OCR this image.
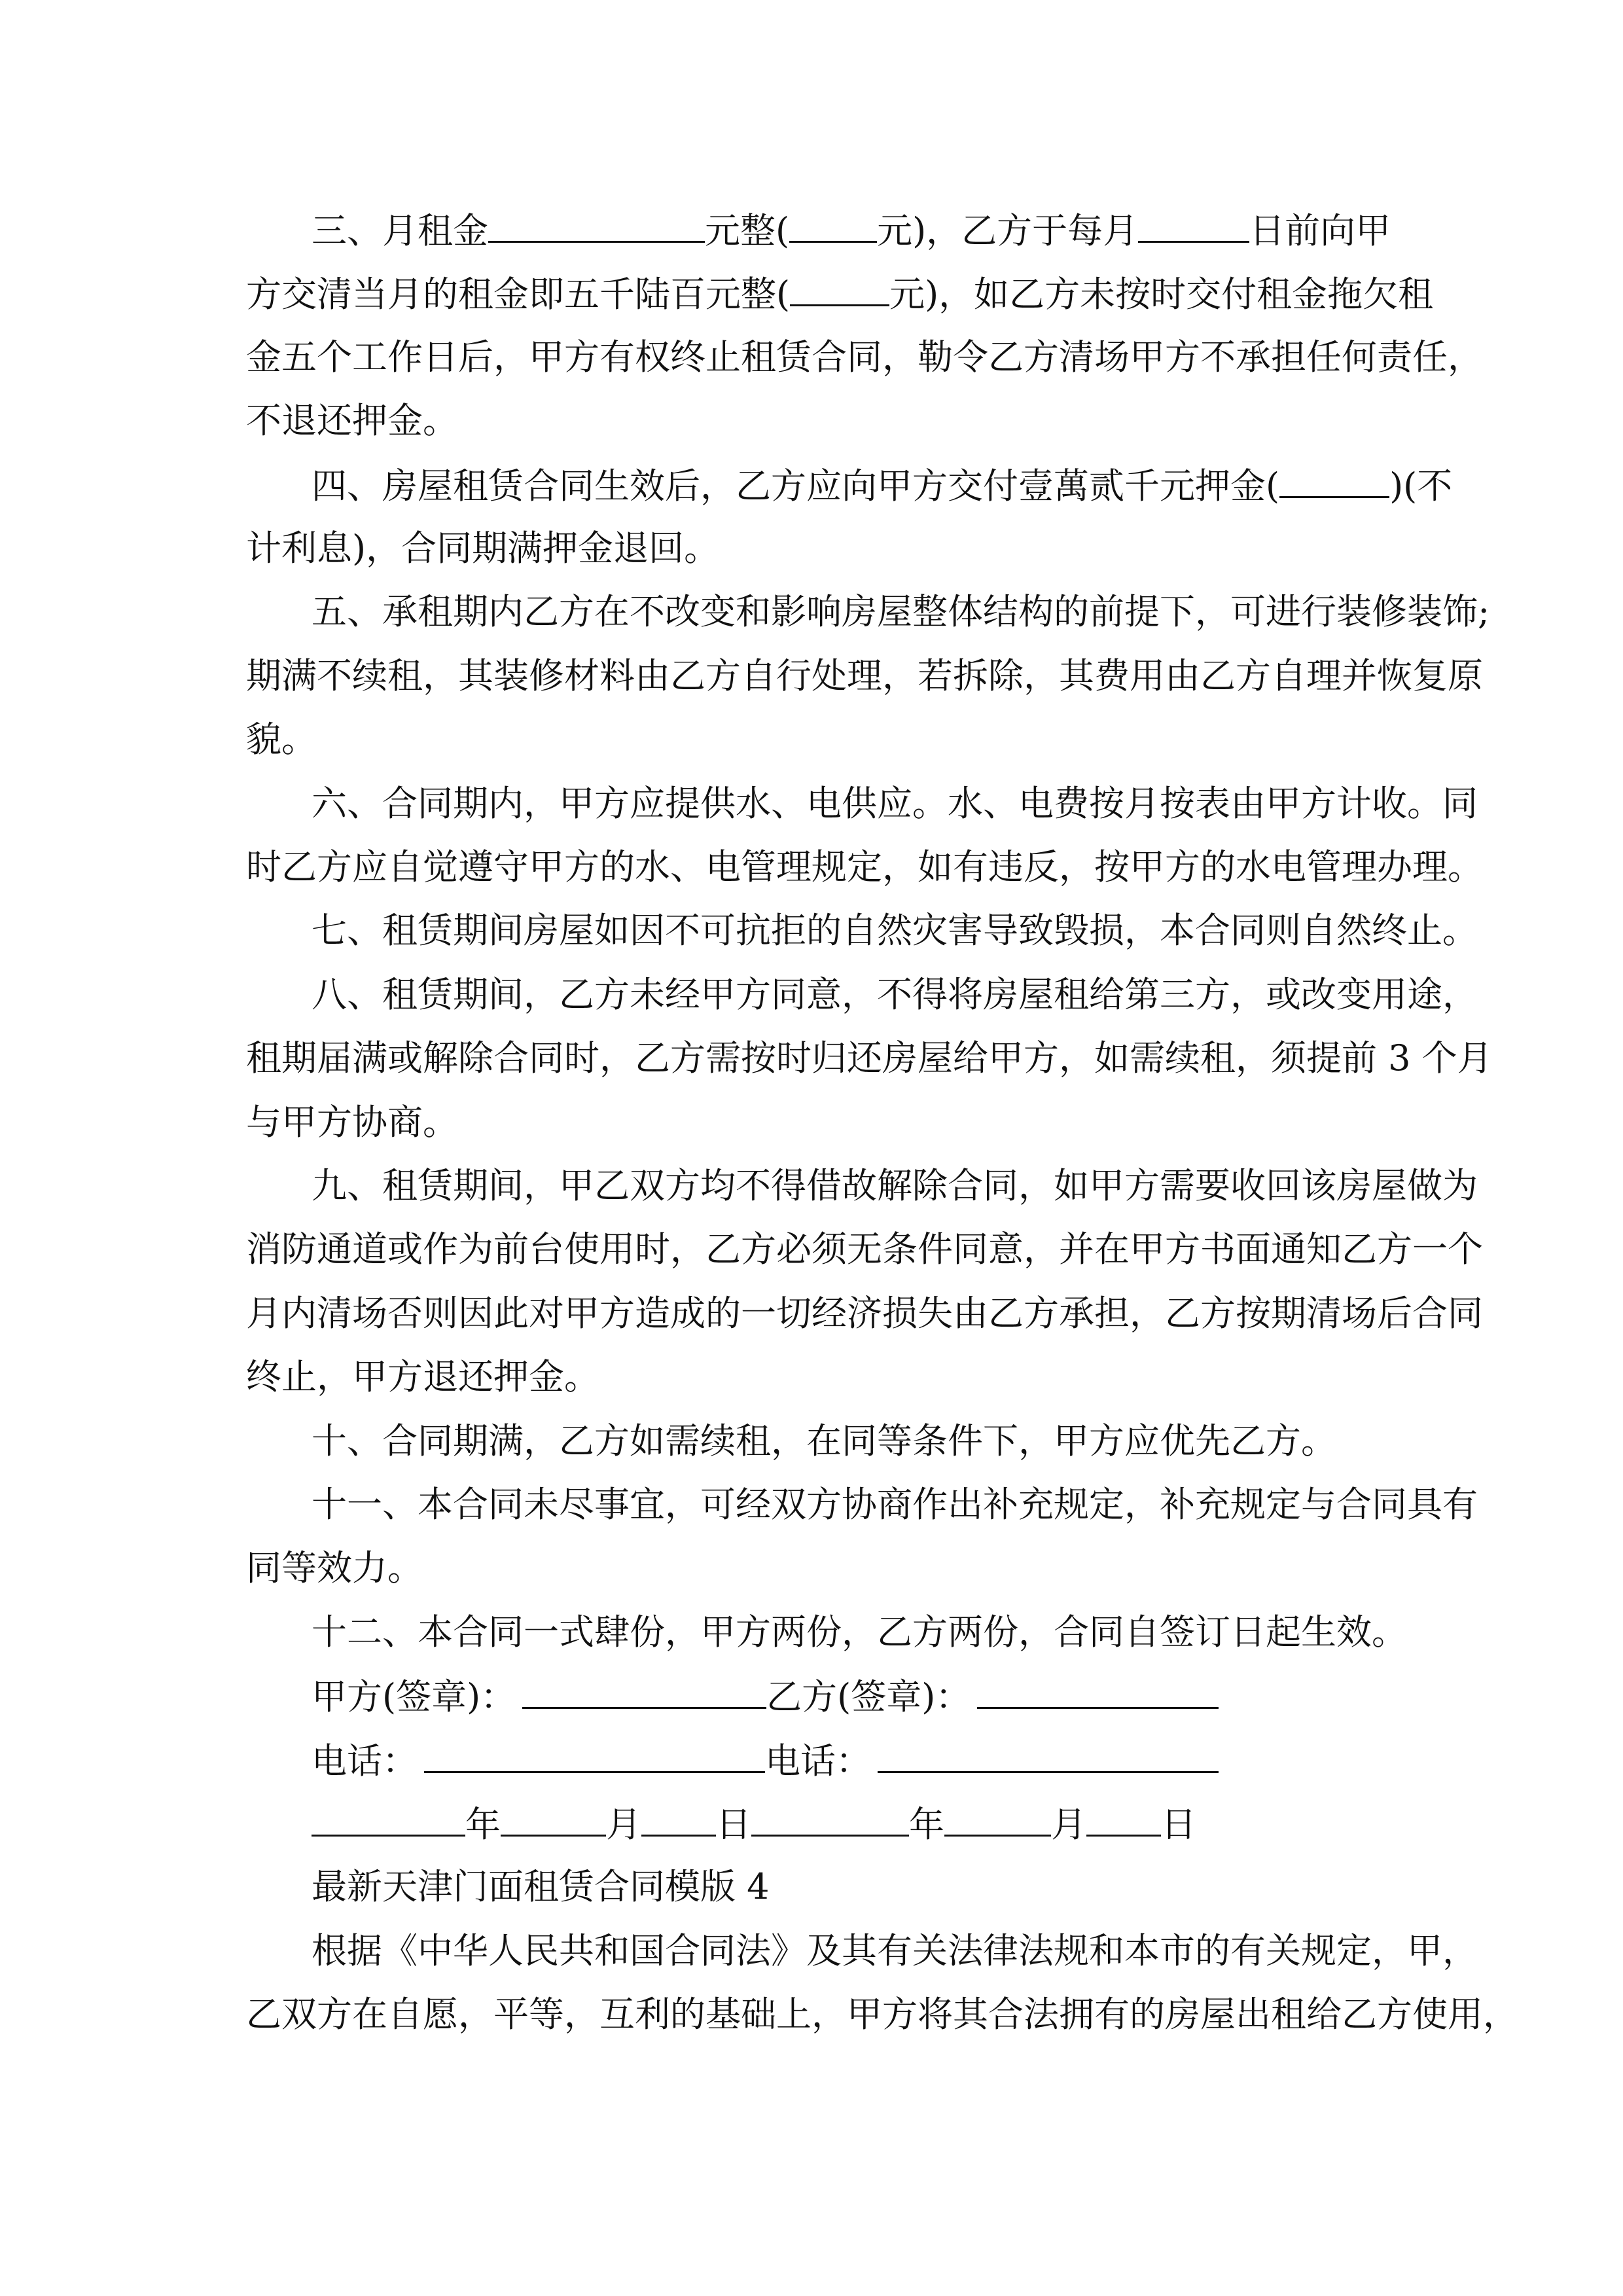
三、月租金	元整( 元)，乙方于每月	日前向甲
方交清当月的租金即五千陆百元整(	元)，如乙方未按时交付租金拖欠租
金五个工作日后，甲方有权终止租赁合同，勒令乙方清场甲方不承担任何责任，
不退还押金。
四、房屋租赁合同生效后，乙方应向甲方交付壹萬贰千元押金(	)(不
计利息)，合同期满押金退回。
五、承租期内乙方在不改变和影响房屋整体结构的前提下，可进行装修装饰;
期满不续租，其装修材料由乙方自行处理，若拆除，其费用由乙方自理并恢复原
貌。
六、合同期内，甲方应提供水、电供应。水、电费按月按表由甲方计收。同
时乙方应自觉遵守甲方的水、电管理规定，如有违反，按甲方的水电管理办理。
七、租赁期间房屋如因不可抗拒的自然灾害导致毁损，本合同则自然终止。
八、租赁期间，乙方未经甲方同意，不得将房屋租给第三方，或改变用途，
租期届满或解除合同时，乙方需按时归还房屋给甲方，如需续租，须提前 3 个月
与甲方协商。
九、租赁期间，甲乙双方均不得借故解除合同，如甲方需要收回该房屋做为
消防通道或作为前台使用时，乙方必须无条件同意，并在甲方书面通知乙方一个
月内清场否则因此对甲方造成的一切经济损失由乙方承担，乙方按期清场后合同
终止，甲方退还押金。
十、合同期满，乙方如需续租，在同等条件下，甲方应优先乙方。
十一、本合同未尽事宜，可经双方协商作出补充规定，补充规定与合同具有
同等效力。
十二、本合同一式肆份，甲方两份，乙方两份，合同自签订日起生效。
甲方(签章)：	乙方(签章)：
电话：	电话：
年	月 日	年	月 日
最新天津门面租赁合同模版 4
根据《中华人民共和国合同法》及其有关法律法规和本市的有关规定，甲，
乙双方在自愿，平等，互利的基础上，甲方将其合法拥有的房屋出租给乙方使用，
